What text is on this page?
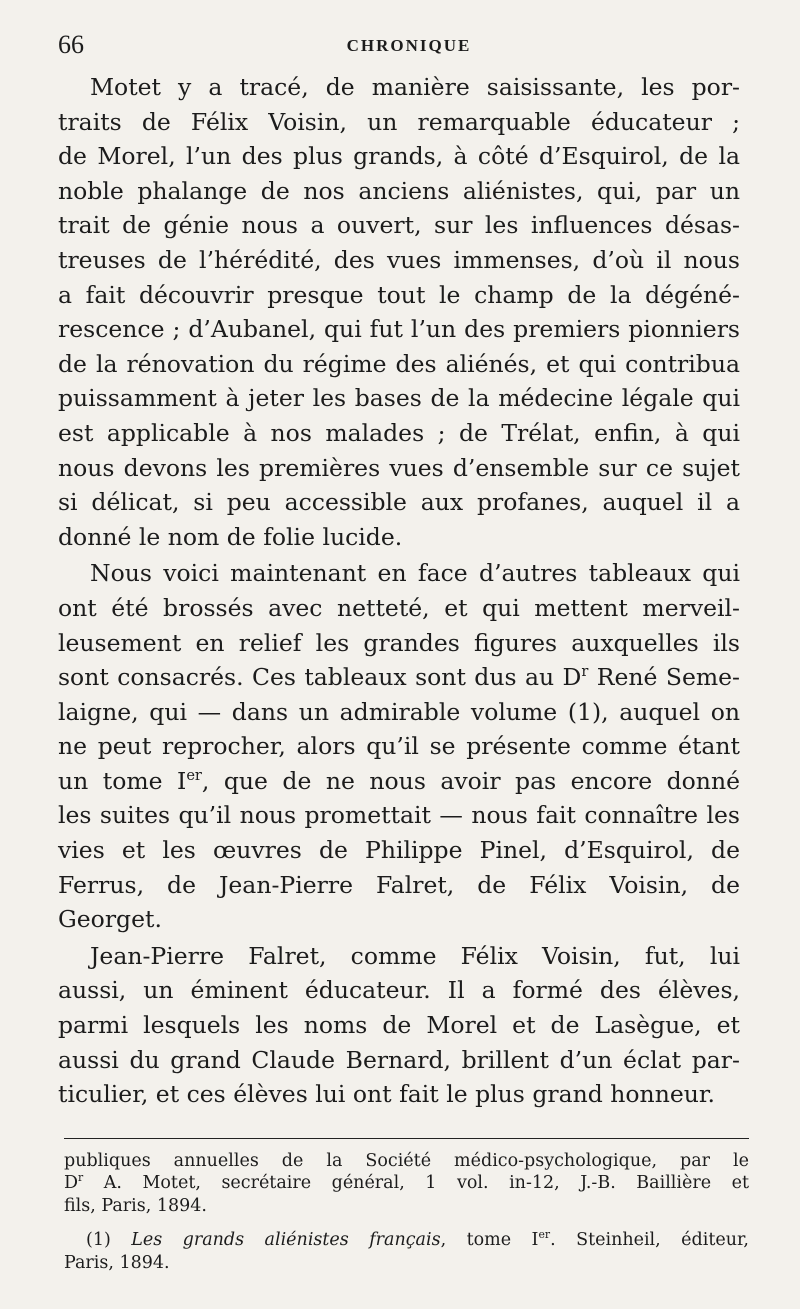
66	CHRONIQUE

Motet y a tracé, de manière saisissante, les por-
traits de Félix Voisin, un remarquable éducateur ;
de Morel, l’un des plus grands, à côté d’Esquirol, de la
noble phalange de nos anciens aliénistes, qui, par un
trait de génie nous a ouvert, sur les influences désas-
treuses de l’hérédité, des vues immenses, d’où il nous
a fait découvrir presque tout le champ de la dégéné-
rescence ; d’Aubanel, qui fut l’un des premiers pionniers
de la rénovation du régime des aliénés, et qui contribua
puissamment à jeter les bases de la médecine légale qui
est applicable à nos malades ; de Trélat, enfin, à qui
nous devons les premières vues d’ensemble sur ce sujet
si délicat, si peu accessible aux profanes, auquel il a
donné le nom de folie lucide.

Nous voici maintenant en face d’autres tableaux qui
ont été brossés avec netteté, et qui mettent merveil-
leusement en relief les grandes figures auxquelles ils
sont consacrés. Ces tableaux sont dus au $D^r$ René Seme-
laigne, qui — dans un admirable volume (1), auquel on
ne peut reprocher, alors qu’il se présente comme étant
un tome Ier, que de ne nous avoir pas encore donné
les suites qu’il nous promettait — nous fait connaître les
vies et les œuvres de Philippe Pinel, d’Esquirol, de
Ferrus, de Jean-Pierre Falret, de Félix Voisin, de
Georget.

Jean-Pierre Falret, comme Félix Voisin, fut, lui
aussi, un éminent éducateur. Il a formé des élèves,
parmi lesquels les noms de Morel et de Lasègue, et
aussi du grand Claude Bernard, brillent d’un éclat par-
ticulier, et ces élèves lui ont fait le plus grand honneur.

publiques annuelles de la Société médico-psychologique, par le
$D^r$ A. Motet, secrétaire général, 1 vol. in-12, J.-B. Baillière et
fils, Paris, 1894.
(1) Les grands aliénistes français, tome Ier. Steinheil, éditeur,
Paris, 1894.
